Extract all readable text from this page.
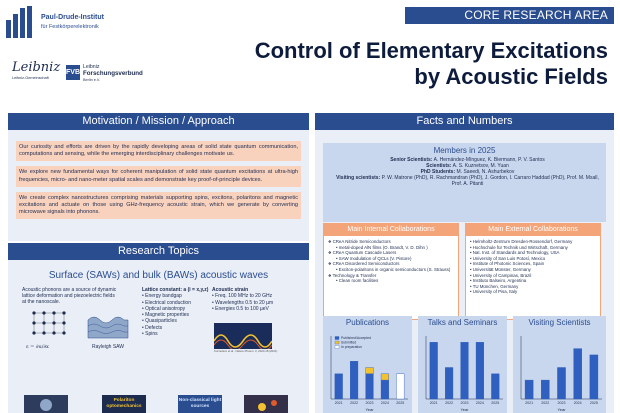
Paul-Drude-Institut
für Festkörperelektronik
Leibniz
Leibniz-Gemeinschaft
FVB
Leibniz
Forschungsverbund
Berlin e.V.
CORE RESEARCH AREA
Control of Elementary Excitations
by Acoustic Fields
Motivation / Mission / Approach

Our curiosity and efforts are driven by the rapidly developing areas of solid state quantum communication, computations and sensing, while the emerging interdisciplinary challenges motivate us.

We explore new fundamental ways for coherent manipulation of solid state quantum excitations at ultra-high frequencies, micro- and nano-meter spatial scales and demonstrate key proof-of-principle devices.

We create complex nanostructures comprising materials supporting spins, excitons, polaritons and magnetic excitations and actuate on those using GHz-frequency acoustic strain, which we generate by converting microwave signals into phonons.

Research Topics
Surface (SAWs) and bulk (BAWs) acoustic waves
Acoustic phonons are a source of dynamic lattice deformation and piezoelectric fields at the nanoscale.
ε = ∂u/∂x	Rayleigh SAW
Lattice constant: a (i = x,y,z)
• Energy bandgap
• Electrical conduction
• Optical anisotropy
• Magnetic properties
• Quasiparticles
• Defects
• Spins
Acoustic strain
• Freq. 100 MHz to 20 GHz
• Wavelengths 0.5 to 20 µm
• Energies 0.5 to 100 µeV
Kuznetsov et al., Nature Photon. 3, 2023-18 (2021)
Polariton optomechanics
Non-classical light sources
Facts and Numbers
Members in 2025
Senior Scientists: A. Hernández-Mínguez, K. Biermann, P. V. Santos
Scientists: A. S. Kuznetsov, M. Yuan
PhD Students: M. Saeedi, N. Ashurbekov
Visiting scientists: P. W. Matrone (PhD), R. Rachmandran (PhD), J. Gordon, I. Carraro Haddad (PhD), Prof. M. Msall, Prof. A. Pitanti
Main Internal Collaborations
❖ CReA Nitride Semiconductors
• metal-doped AlN films (O. Brandt, V. D. Dihn )
❖ CReA Quantum Cascade Lasers
• SAW modulation of QCLs (V. Pistore)
❖ CReA Disordered Semiconductors
• Exciton-polaritons in organic semiconductors (S. Strauss)
❖ Technology & Transfer
• Clean room facilities
Main External Collaborations
• Helmholtz-Zentrum Dresden-Rossendorf, Germany
• Hochschule für Technik und Wirtschaft, Germany
• Nat. Inst. of Standards and Technology, USA
• University of San Luis Potosí, Mexico
• Institute of Photonic Sciences, Spain
• Universität Münster, Germany
• University of Campinas, Brazil
• Instituto Balseiro, Argentina
• TU München, Germany
• University of Pisa, Italy
Publications
2021 2022 2023 2024 2025
Year
Published/Accepted
Submitted
In preparation
Talks and Seminars
2021 2022 2023 2024 2025
Year
Visiting Scientists
2021 2022 2023 2024 2025
Year
